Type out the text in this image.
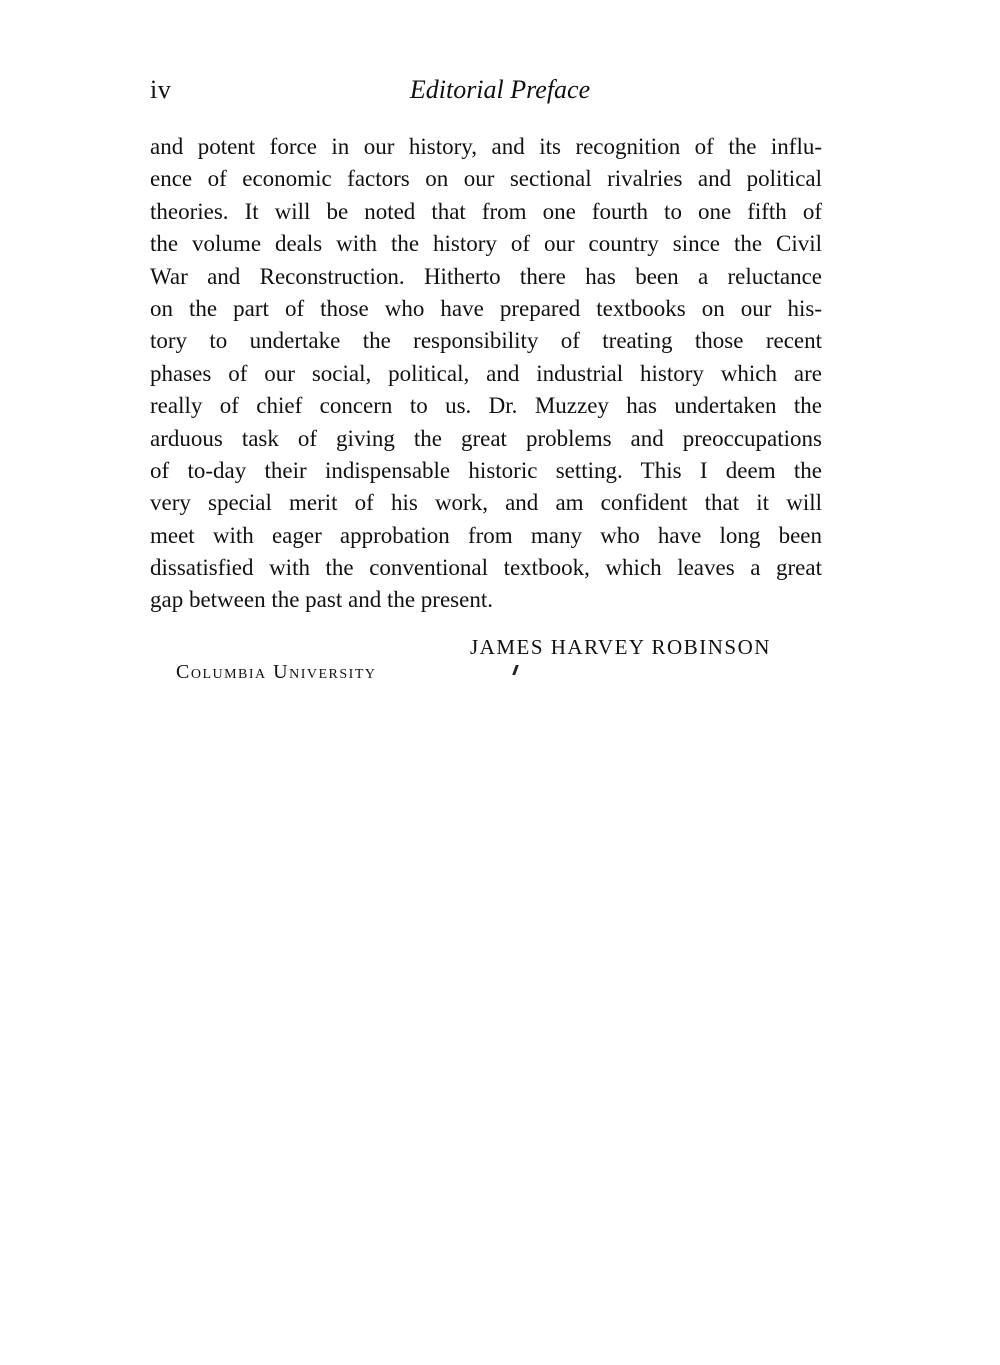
iv	Editorial Preface
and potent force in our history, and its recognition of the influ-
ence of economic factors on our sectional rivalries and political
theories. It will be noted that from one fourth to one fifth of
the volume deals with the history of our country since the Civil
War and Reconstruction. Hitherto there has been a reluctance
on the part of those who have prepared textbooks on our his-
tory to undertake the responsibility of treating those recent
phases of our social, political, and industrial history which are
really of chief concern to us. Dr. Muzzey has undertaken the
arduous task of giving the great problems and preoccupations
of to-day their indispensable historic setting. This I deem the
very special merit of his work, and am confident that it will
meet with eager approbation from many who have long been
dissatisfied with the conventional textbook, which leaves a great
gap between the past and the present.
JAMES HARVEY ROBINSON
Columbia University
